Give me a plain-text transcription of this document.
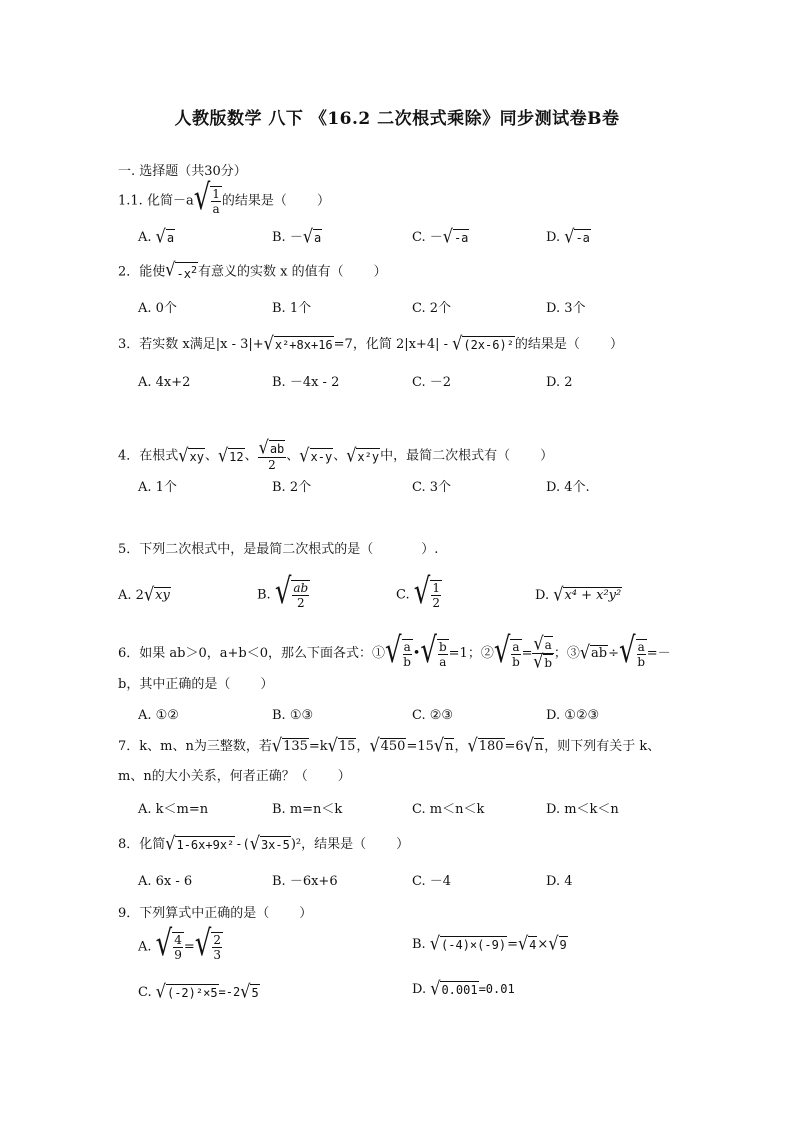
人教版数学 八下 《16.2 二次根式乘除》同步测试卷B卷
一. 选择题（共30分）
1.1. 化简－a √ $\frac{1}{a}$ 的结果是（ ）
A. √ a	B. － √ a	C. － √ -a	D. √ -a
2．能使 √ $-x^2$ 有意义的实数 x 的值有（ ）
A. 0个	B. 1个	C. 2个	D. 3个
3．若实数 x满足|x - 3|+ √ x²+8x+16 =7，化简 2|x+4| - √ (2x-6)² 的结果是（ ）
A. 4x+2	B. －4x - 2	C. －2	D. 2
4．在根式 √ xy 、 √ 12 、 $\frac{√ ab}{2}$ 、 √ x-y 、 √ x²y 中，最简二次根式有（ ）
A. 1个	B. 2个	C. 3个	D. 4个.
5．下列二次根式中，是最简二次根式的是（	）.
A. 2 √ xy	B. √ $\frac{ab}{2}$	C. √ $\frac{1}{2}$	D. √ x⁴ + x²y²
6．如果 ab＞0，a+b＜0，那么下面各式：① √ $\frac{a}{b}$ • √ $\frac{b}{a} =1$；② √ $\frac{a}{b} = \frac{√ a}{√ b}$ ；③ √ ab ÷ √ $\frac{a}{b}$ =－
b，其中正确的是（ ）
A. ①②	B. ①③	C. ②③	D. ①②③
7．k、m、n为三整数，若 √ 135 =k √ 15 ， √ 450 =15 √ n ， √ 180 =6 √ n ，则下列有关于 k、
m、n的大小关系，何者正确？（ ）
A. k＜m=n	B. m=n＜k	C. m＜n＜k	D. m＜k＜n
8．化简 √ 1-6x+9x² -( √ 3x-5 )²，结果是（ ）
A. 6x - 6	B. －6x+6	C. －4	D. 4
9．下列算式中正确的是（ ）
A. √ $\frac{4}{9}$ = √ $\frac{2}{3}$	B. √ (-4)×(-9) = √ 4 × √ 9
C. √ (-2)²×5 =-2 √ 5	D. √ 0.001 =0.01
